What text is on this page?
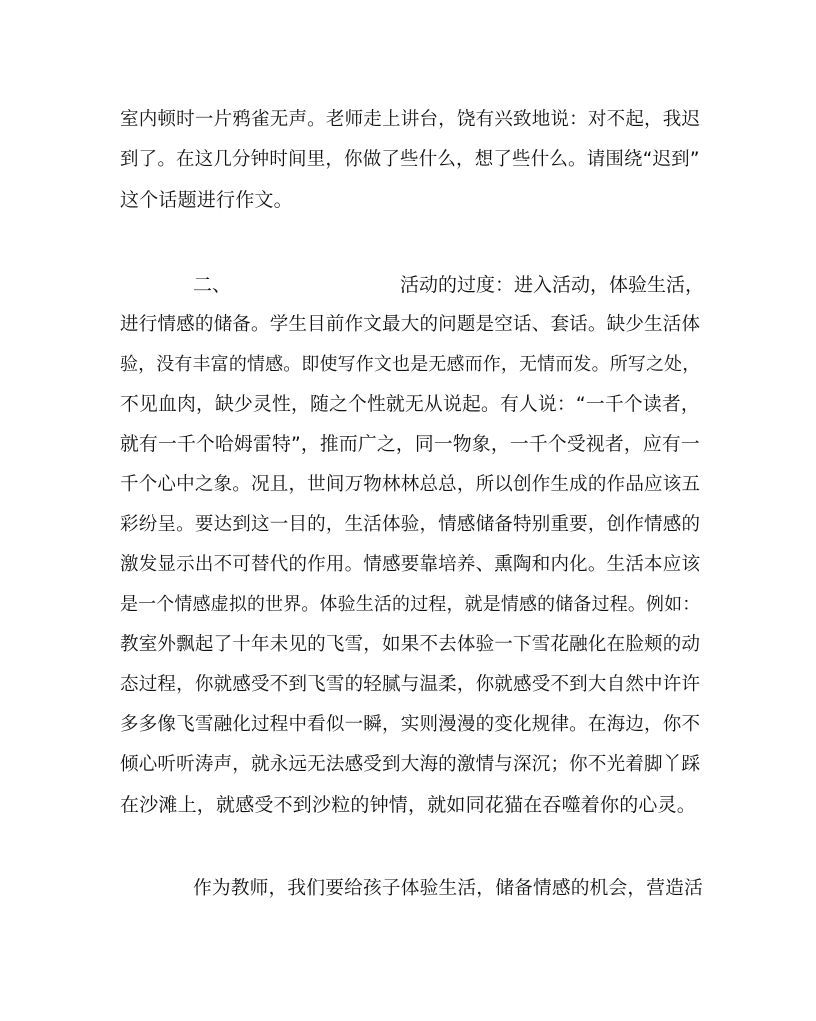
室内顿时一片鸦雀无声。老师走上讲台，饶有兴致地说：对不起，我迟
到了。在这几分钟时间里，你做了些什么，想了些什么。请围绕“迟到”
这个话题进行作文。
二、	活动的过度：进入活动，体验生活，
进行情感的储备。学生目前作文最大的问题是空话、套话。缺少生活体
验，没有丰富的情感。即使写作文也是无感而作，无情而发。所写之处，
不见血肉，缺少灵性，随之个性就无从说起。有人说：“一千个读者，
就有一千个哈姆雷特”，推而广之，同一物象，一千个受视者，应有一
千个心中之象。况且，世间万物林林总总，所以创作生成的作品应该五
彩纷呈。要达到这一目的，生活体验，情感储备特别重要，创作情感的
激发显示出不可替代的作用。情感要靠培养、熏陶和内化。生活本应该
是一个情感虚拟的世界。体验生活的过程，就是情感的储备过程。例如：
教室外飘起了十年未见的飞雪，如果不去体验一下雪花融化在脸颊的动
态过程，你就感受不到飞雪的轻腻与温柔，你就感受不到大自然中许许
多多像飞雪融化过程中看似一瞬，实则漫漫的变化规律。在海边，你不
倾心听听涛声，就永远无法感受到大海的激情与深沉；你不光着脚丫踩
在沙滩上，就感受不到沙粒的钟情，就如同花猫在吞噬着你的心灵。
作为教师，我们要给孩子体验生活，储备情感的机会，营造活
